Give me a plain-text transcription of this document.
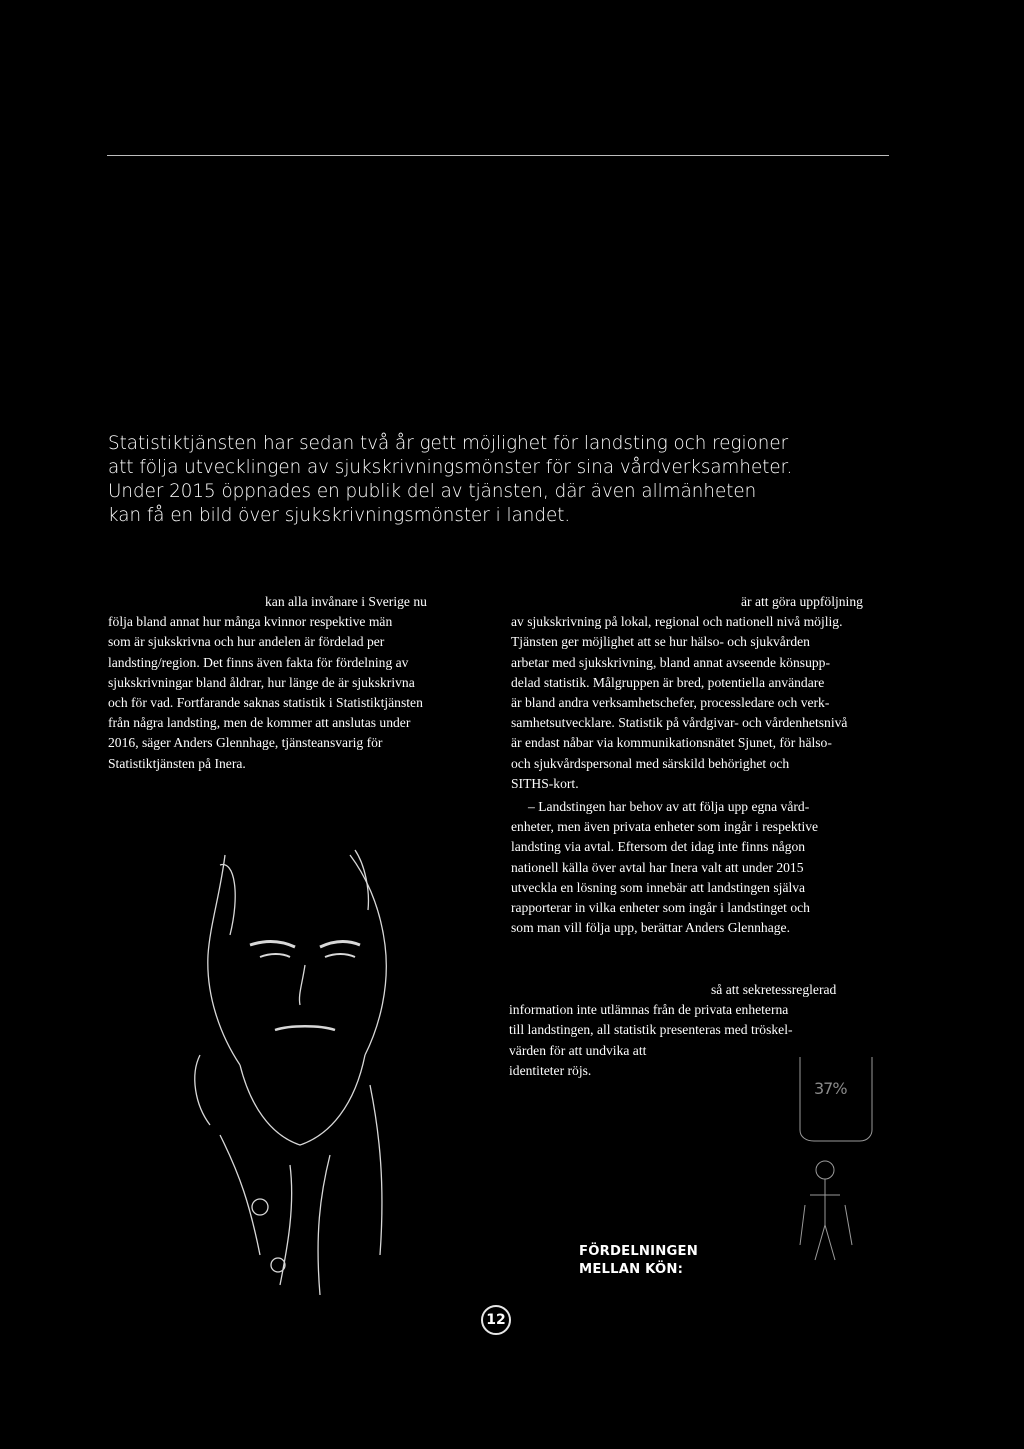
Statistiktjänsten har sedan två år gett möjlighet för landsting och regioner

att följa utvecklingen av sjukskrivningsmönster för sina vårdverksamheter.

Under 2015 öppnades en publik del av tjänsten, där även allmänheten

kan få en bild över sjukskrivningsmönster i landet.

kan alla invånare i Sverige nu

följa bland annat hur många kvinnor respektive män

som är sjukskrivna och hur andelen är fördelad per

landsting/region. Det finns även fakta för fördelning av

sjukskrivningar bland åldrar, hur länge de är sjukskrivna

och för vad. Fortfarande saknas statistik i Statistiktjänsten

från några landsting, men de kommer att anslutas under

2016, säger Anders Glennhage, tjänsteansvarig för

Statistiktjänsten på Inera.

är att göra uppföljning

av sjukskrivning på lokal, regional och nationell nivå möjlig.

Tjänsten ger möjlighet att se hur hälso- och sjukvården

arbetar med sjukskrivning, bland annat avseende könsupp-

delad statistik. Målgruppen är bred, potentiella användare

är bland andra verksamhetschefer, processledare och verk-

samhetsutvecklare. Statistik på vårdgivar- och vårdenhetsnivå

är endast nåbar via kommunikationsnätet Sjunet, för hälso-

och sjukvårdspersonal med särskild behörighet och

SITHS-kort.

– Landstingen har behov av att följa upp egna vård-

enheter, men även privata enheter som ingår i respektive

landsting via avtal. Eftersom det idag inte finns någon

nationell källa över avtal har Inera valt att under 2015

utveckla en lösning som innebär att landstingen själva

rapporterar in vilka enheter som ingår i landstinget och

som man vill följa upp, berättar Anders Glennhage.

så att sekretessreglerad

information inte utlämnas från de privata enheterna

till landstingen, all statistik presenteras med tröskel-

värden för att undvika att

identiteter röjs.

37%
FÖRDELNINGEN
MELLAN KÖN:
12
